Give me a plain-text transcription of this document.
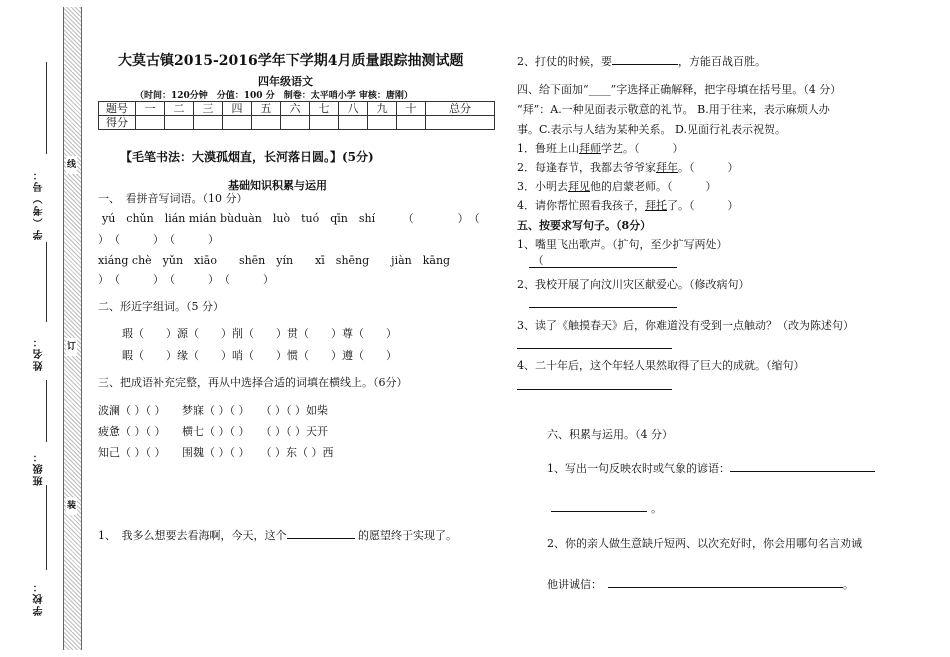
线
订
装
学（考）号：
姓名：
班级：
学校：
大莫古镇2015-2016学年下学期4月质量跟踪抽测试题
四年级语文
（时间：120分钟　分值：100 分　制卷：太平哨小学 审核：唐刚）
题号	一	二	三	四	五	六	七	八	九	十	总分
得分											
【毛笔书法：大漠孤烟直，长河落日圆。】(5分)
基础知识积累与运用
一、　看拼音写词语。（10 分）
yú　chǔn　lián mián bùduàn　luò　tuó　qīn　shí　　　（　　　　）　（
）　（　　　）　（　　　）
xiáng chè　yǔn　xiāo　　shēn　yín　　xī　shēng　　jiàn　kāng　　　　　　　　（
）　（　　　）　（　　　）　（　　　）
二、形近字组词。（5 分）
瑕（　　）源（　　）削（　　）贯（　　）尊（　　）
暇（　　）缘（　　）哨（　　）惯（　　）遵（　　）
三、把成语补充完整，再从中选择合适的词填在横线上。（6分）
波澜（ ）（ ）　　梦寐（ ）（ ）　　（ ）（ ）如柴
疲惫（ ）（ ）　　横七（ ）（ ）　　（ ）（ ）天开
知己（ ）（ ）　　围魏（ ）（ ）　　（ ）东（ ）西
1、　我多么想要去看海啊，今天，这个	的愿望终于实现了。
2、打仗的时候，要	，方能百战百胜。
四、给下面加“____”字选择正确解释，把字母填在括号里。（4 分）
“拜”：A.一种见面表示敬意的礼节。 B.用于往来，表示麻烦人办
事。C.表示与人结为某种关系。 D.见面行礼表示祝贺。
1．鲁班上山拜师学艺。（　　　）
2．每逢春节，我都去爷爷家拜年。（　　　）
3．小明去拜见他的启蒙老师。（　　　）
4．请你帮忙照看我孩子，拜托了。（　　　）
五、按要求写句子。（8分）
1、嘴里飞出歌声。（扩句，至少扩写两处）
2、我校开展了向汶川灾区献爱心。（修改病句）
3、读了《触摸春天》后，你难道没有受到一点触动？（改为陈述句）
4、二十年后，这个年轻人果然取得了巨大的成就。（缩句）
六、积累与运用。（4 分）
1、写出一句反映农时或气象的谚语：
。
2、你的亲人做生意缺斤短两、以次充好时，你会用哪句名言劝诫
他讲诚信：	。
